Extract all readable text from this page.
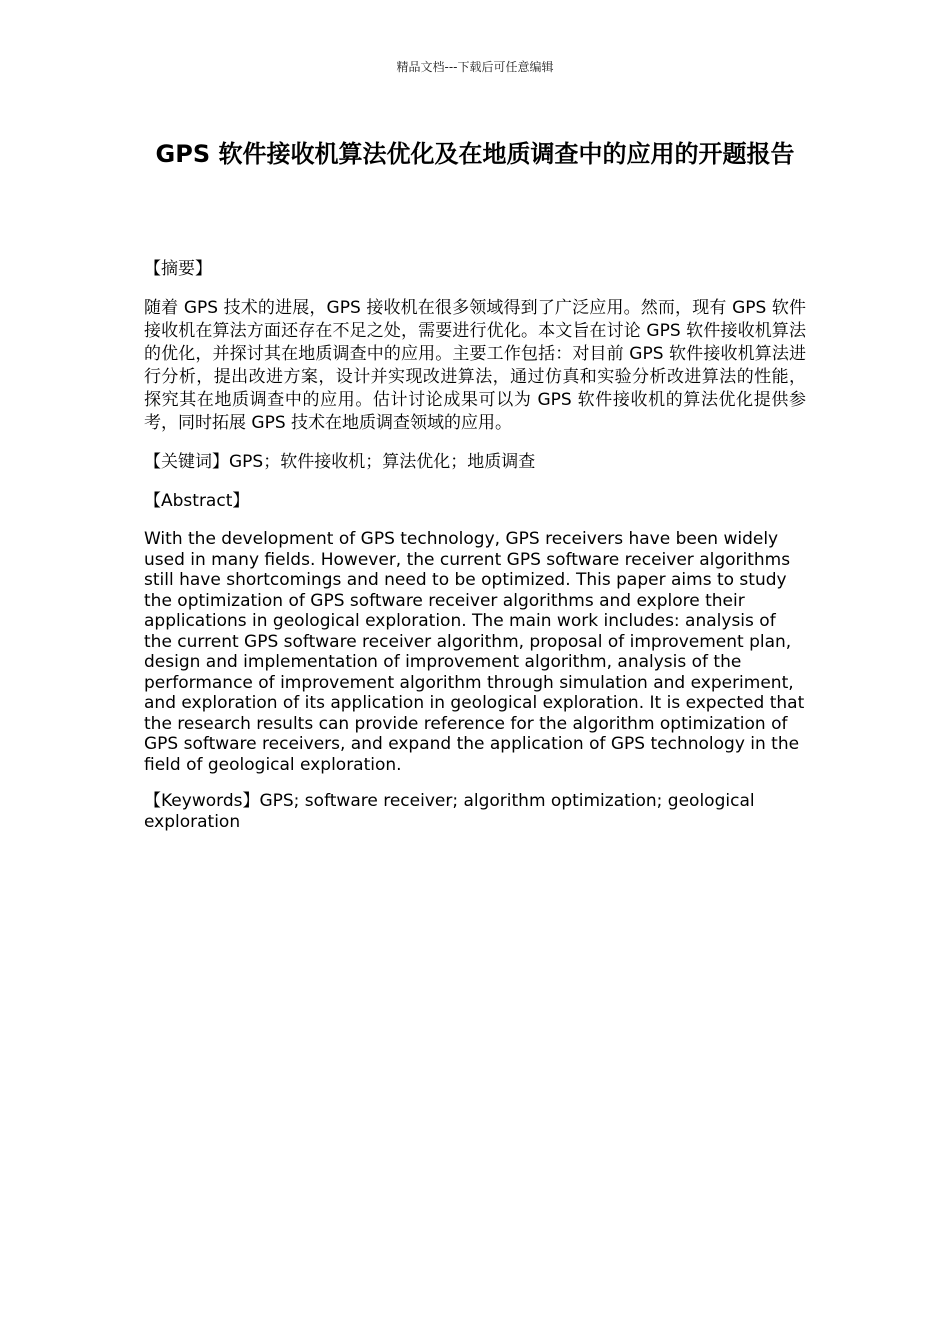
精品文档---下载后可任意编辑
GPS 软件接收机算法优化及在地质调查中的应用的开题报告
【摘要】

随着 GPS 技术的进展，GPS 接收机在很多领域得到了广泛应用。然而，现有 GPS 软件接收机在算法方面还存在不足之处，需要进行优化。本文旨在讨论 GPS 软件接收机算法的优化，并探讨其在地质调查中的应用。主要工作包括：对目前 GPS 软件接收机算法进行分析，提出改进方案，设计并实现改进算法，通过仿真和实验分析改进算法的性能，探究其在地质调查中的应用。估计讨论成果可以为 GPS 软件接收机的算法优化提供参考，同时拓展 GPS 技术在地质调查领域的应用。

【关键词】GPS；软件接收机；算法优化；地质调查
【Abstract】

With the development of GPS technology, GPS receivers have been widely used in many fields. However, the current GPS software receiver algorithms still have shortcomings and need to be optimized. This paper aims to study the optimization of GPS software receiver algorithms and explore their applications in geological exploration. The main work includes: analysis of the current GPS software receiver algorithm, proposal of improvement plan, design and implementation of improvement algorithm, analysis of the performance of improvement algorithm through simulation and experiment, and exploration of its application in geological exploration. It is expected that the research results can provide reference for the algorithm optimization of GPS software receivers, and expand the application of GPS technology in the field of geological exploration.

【Keywords】GPS; software receiver; algorithm optimization; geological exploration
